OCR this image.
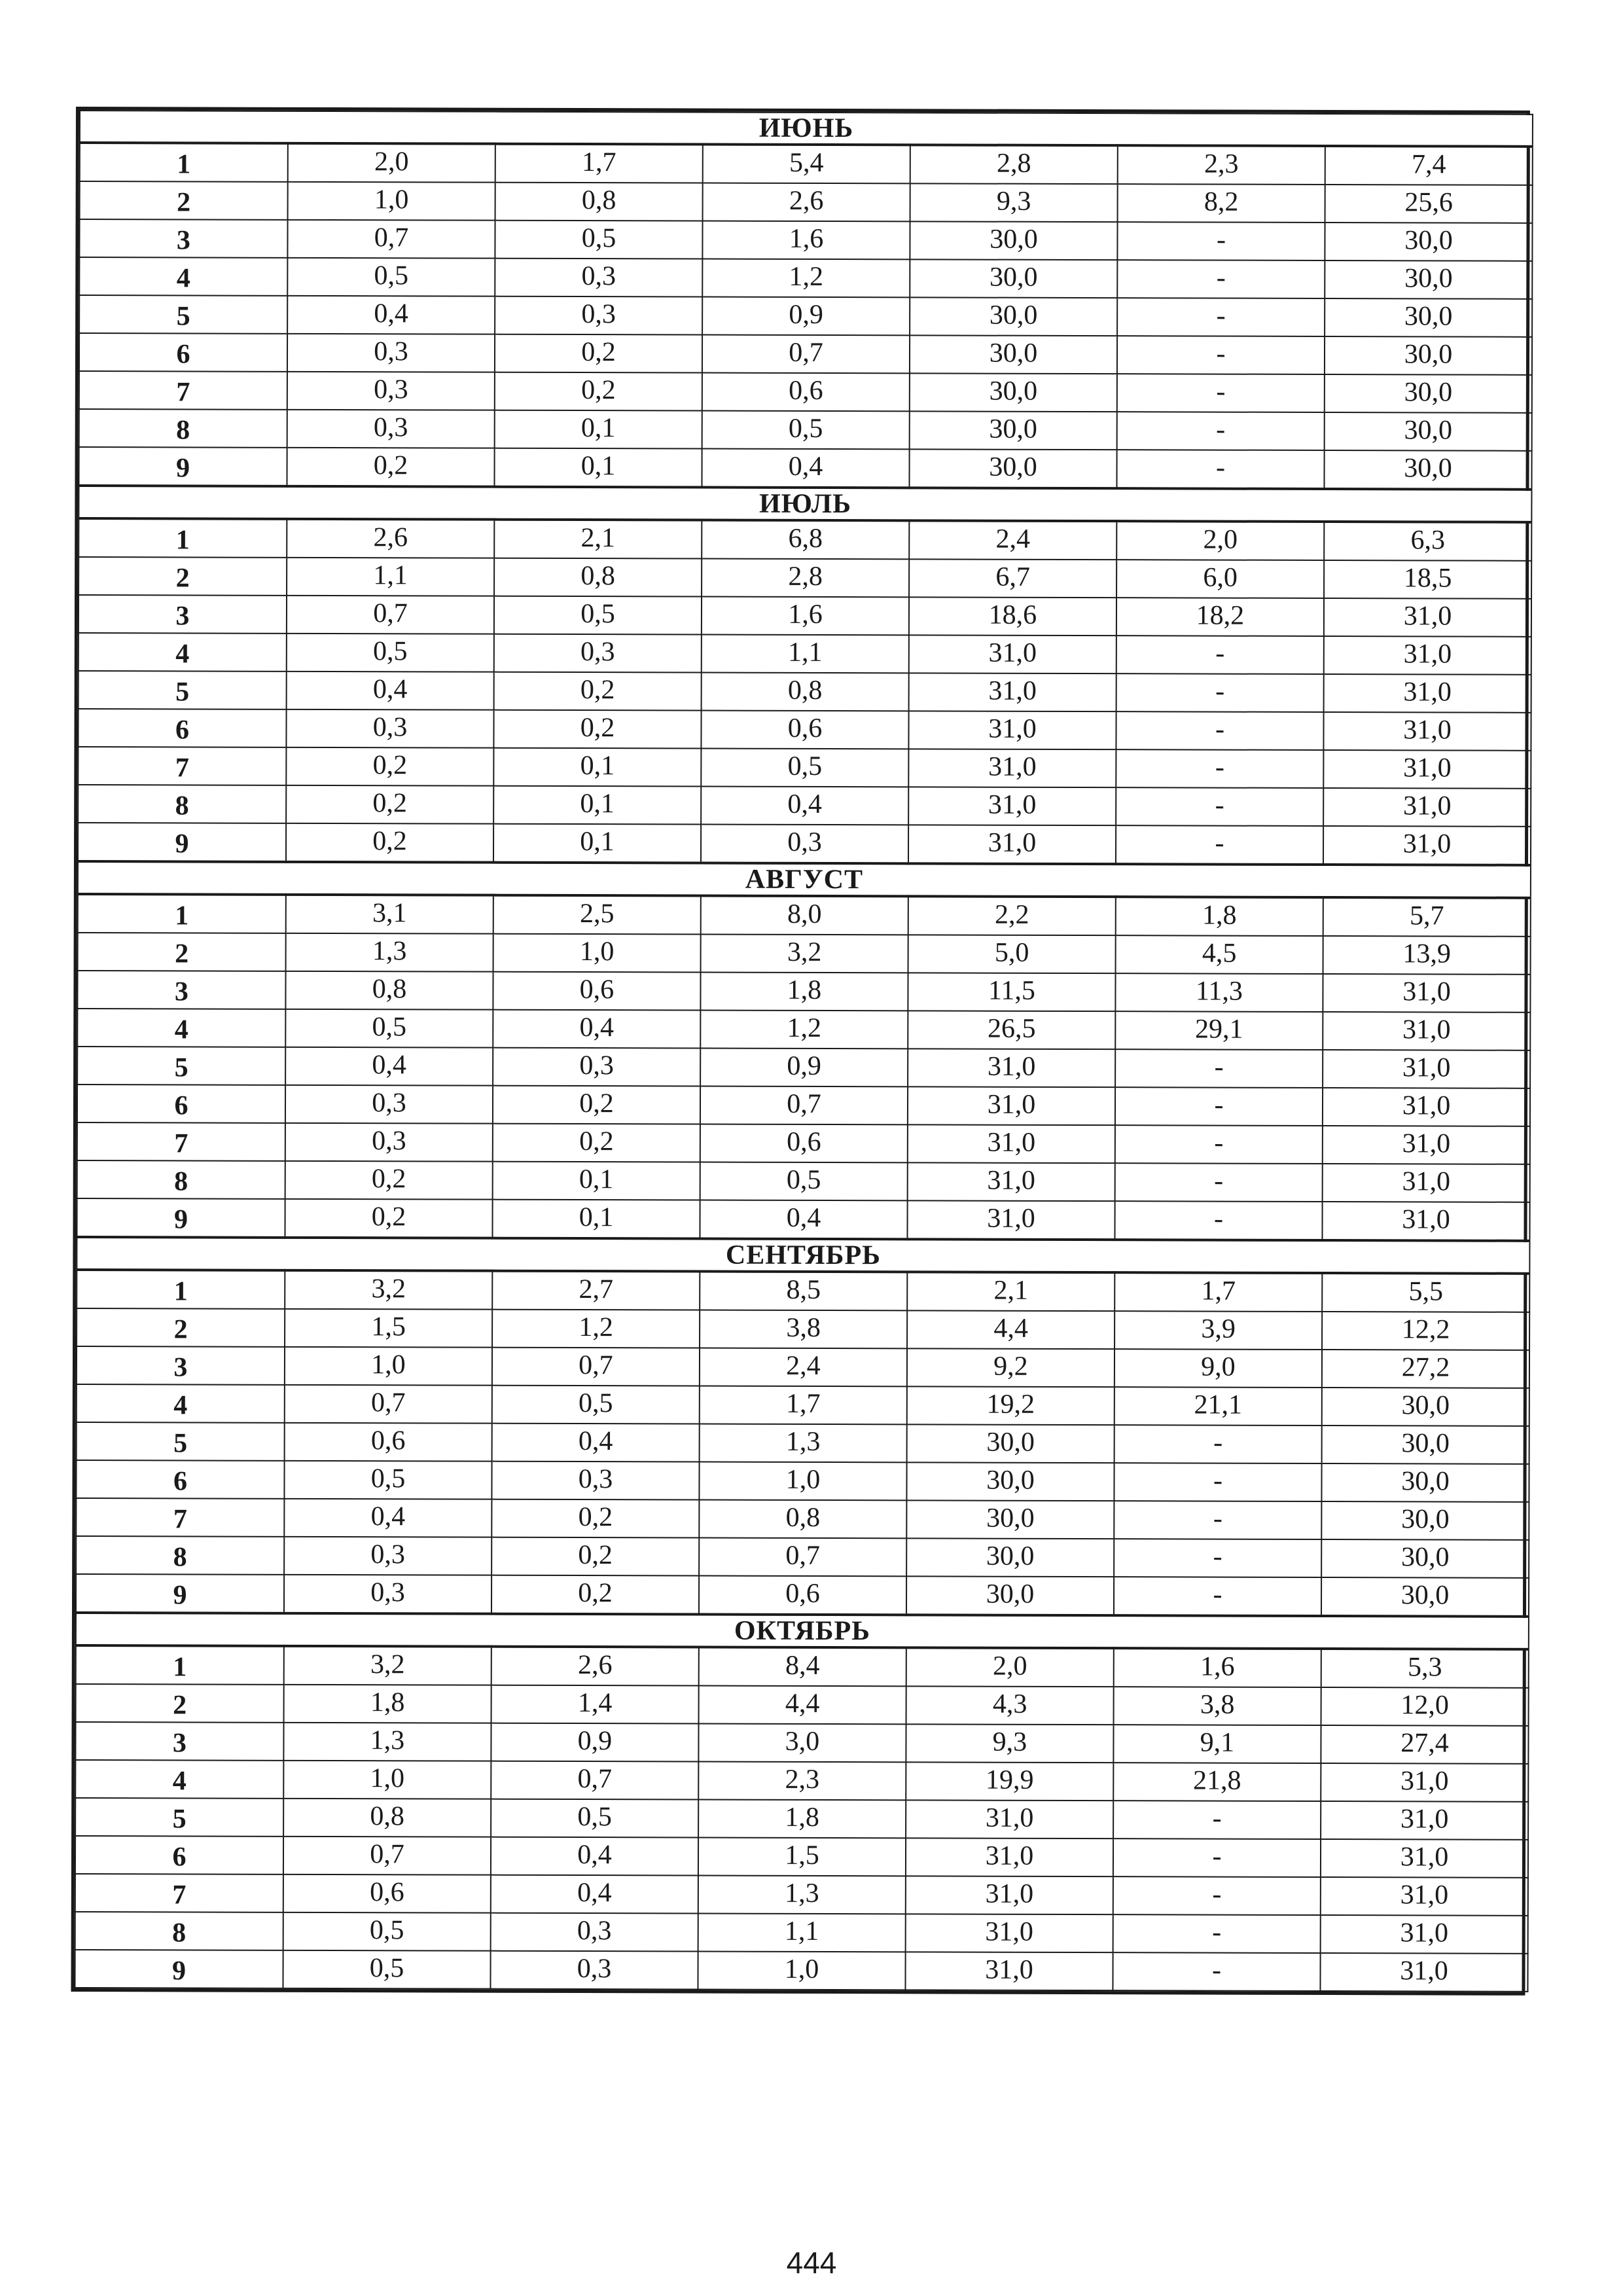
ИЮНЬ						
1	2,0	1,7	5,4	2,8	2,3	7,4
2	1,0	0,8	2,6	9,3	8,2	25,6
3	0,7	0,5	1,6	30,0	-	30,0
4	0,5	0,3	1,2	30,0	-	30,0
5	0,4	0,3	0,9	30,0	-	30,0
6	0,3	0,2	0,7	30,0	-	30,0
7	0,3	0,2	0,6	30,0	-	30,0
8	0,3	0,1	0,5	30,0	-	30,0
9	0,2	0,1	0,4	30,0	-	30,0
ИЮЛЬ						
1	2,6	2,1	6,8	2,4	2,0	6,3
2	1,1	0,8	2,8	6,7	6,0	18,5
3	0,7	0,5	1,6	18,6	18,2	31,0
4	0,5	0,3	1,1	31,0	-	31,0
5	0,4	0,2	0,8	31,0	-	31,0
6	0,3	0,2	0,6	31,0	-	31,0
7	0,2	0,1	0,5	31,0	-	31,0
8	0,2	0,1	0,4	31,0	-	31,0
9	0,2	0,1	0,3	31,0	-	31,0
АВГУСТ						
1	3,1	2,5	8,0	2,2	1,8	5,7
2	1,3	1,0	3,2	5,0	4,5	13,9
3	0,8	0,6	1,8	11,5	11,3	31,0
4	0,5	0,4	1,2	26,5	29,1	31,0
5	0,4	0,3	0,9	31,0	-	31,0
6	0,3	0,2	0,7	31,0	-	31,0
7	0,3	0,2	0,6	31,0	-	31,0
8	0,2	0,1	0,5	31,0	-	31,0
9	0,2	0,1	0,4	31,0	-	31,0
СЕНТЯБРЬ						
1	3,2	2,7	8,5	2,1	1,7	5,5
2	1,5	1,2	3,8	4,4	3,9	12,2
3	1,0	0,7	2,4	9,2	9,0	27,2
4	0,7	0,5	1,7	19,2	21,1	30,0
5	0,6	0,4	1,3	30,0	-	30,0
6	0,5	0,3	1,0	30,0	-	30,0
7	0,4	0,2	0,8	30,0	-	30,0
8	0,3	0,2	0,7	30,0	-	30,0
9	0,3	0,2	0,6	30,0	-	30,0
ОКТЯБРЬ						
1	3,2	2,6	8,4	2,0	1,6	5,3
2	1,8	1,4	4,4	4,3	3,8	12,0
3	1,3	0,9	3,0	9,3	9,1	27,4
4	1,0	0,7	2,3	19,9	21,8	31,0
5	0,8	0,5	1,8	31,0	-	31,0
6	0,7	0,4	1,5	31,0	-	31,0
7	0,6	0,4	1,3	31,0	-	31,0
8	0,5	0,3	1,1	31,0	-	31,0
9	0,5	0,3	1,0	31,0	-	31,0
444
